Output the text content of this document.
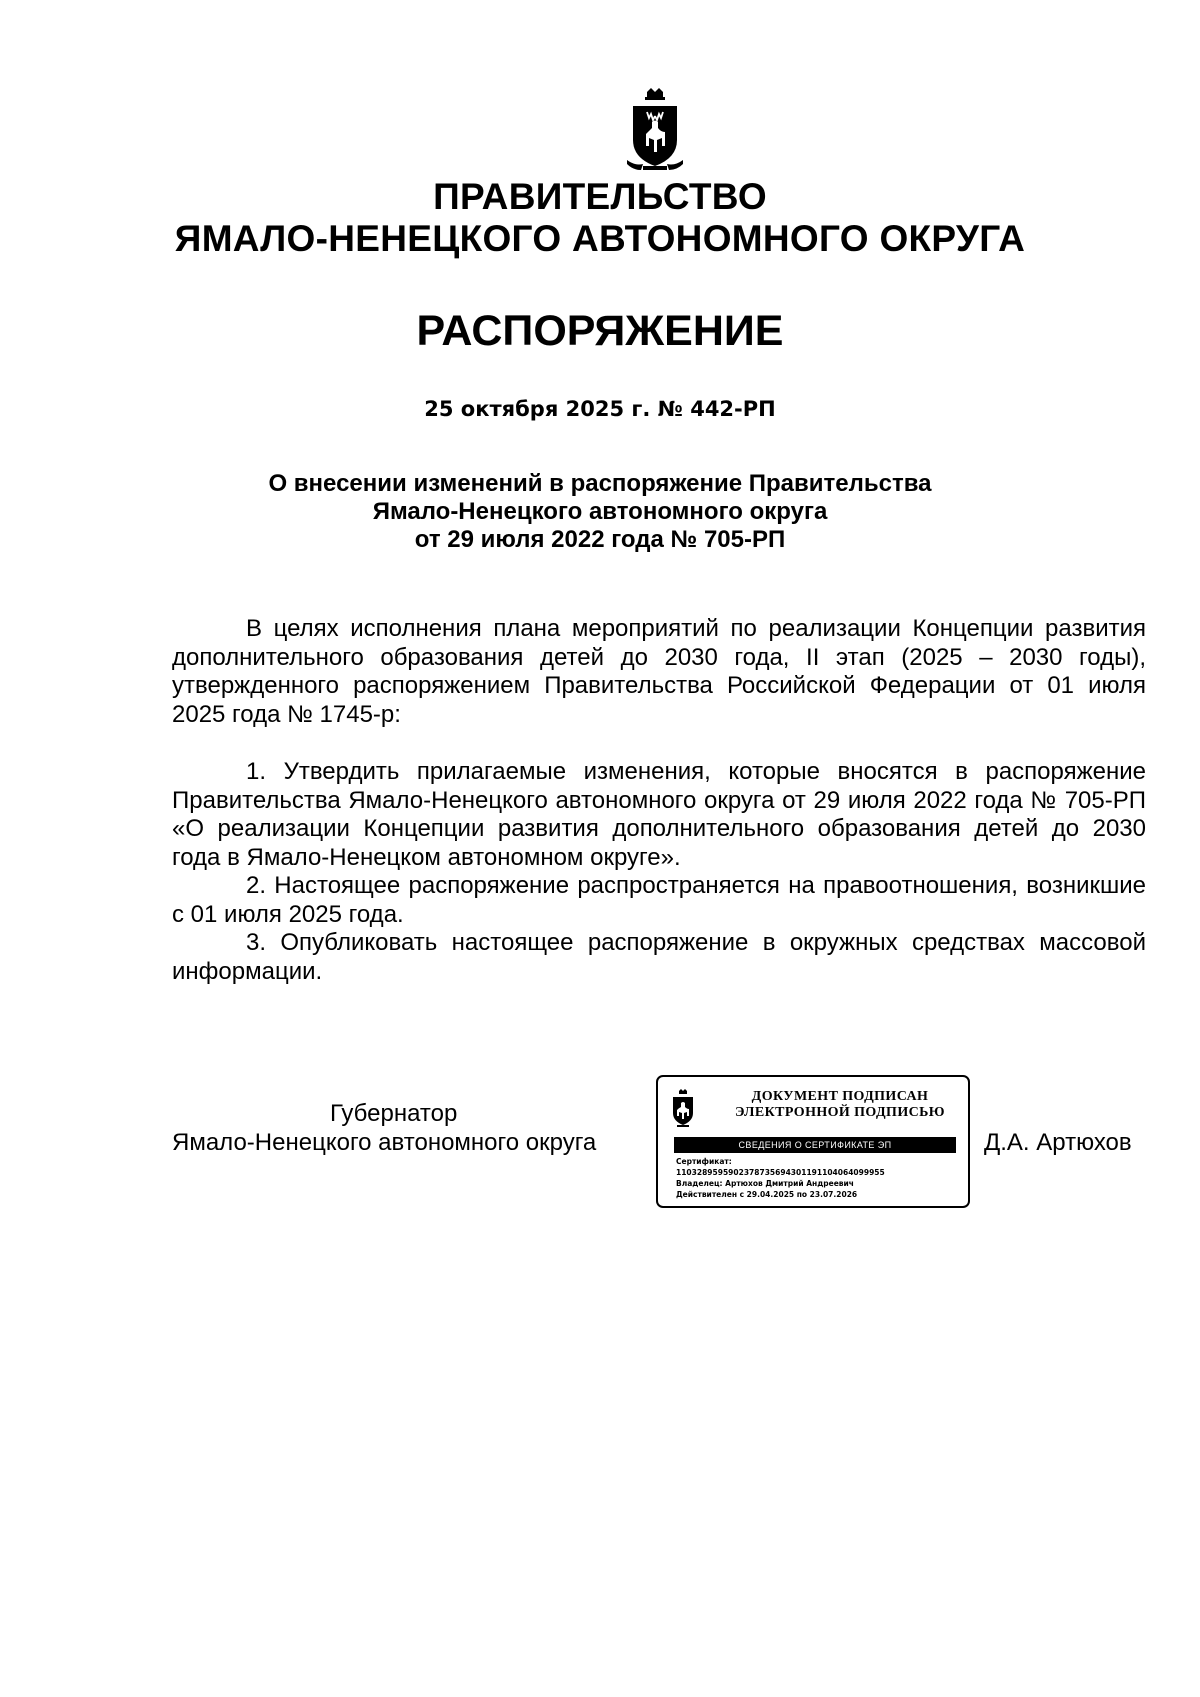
ПРАВИТЕЛЬСТВО
ЯМАЛО-НЕНЕЦКОГО АВТОНОМНОГО ОКРУГА
РАСПОРЯЖЕНИЕ
25 октября 2025 г. № 442-РП
О внесении изменений в распоряжение Правительства
Ямало-Ненецкого автономного округа
от 29 июля 2022 года № 705-РП

В целях исполнения плана мероприятий по реализации Концепции развития дополнительного образования детей до 2030 года, II этап (2025 – 2030 годы), утвержденного распоряжением Правительства Российской Федерации от 01 июля 2025 года № 1745-р:

1. Утвердить прилагаемые изменения, которые вносятся в распоряжение Правительства Ямало-Ненецкого автономного округа от 29 июля 2022 года № 705-РП «О реализации Концепции развития дополнительного образования детей до 2030 года в Ямало-Ненецком автономном округе».

2. Настоящее распоряжение распространяется на правоотношения, возникшие с 01 июля 2025 года.

3. Опубликовать настоящее распоряжение в окружных средствах массовой информации.

Губернатор
Ямало-Ненецкого автономного округа
ДОКУМЕНТ ПОДПИСАН
ЭЛЕКТРОННОЙ ПОДПИСЬЮ
СВЕДЕНИЯ О СЕРТИФИКАТЕ ЭП
Сертификат:
1103289595902378735694301191104064099955
Владелец: Артюхов Дмитрий Андреевич
Действителен с 29.04.2025 по 23.07.2026
Д.А. Артюхов
